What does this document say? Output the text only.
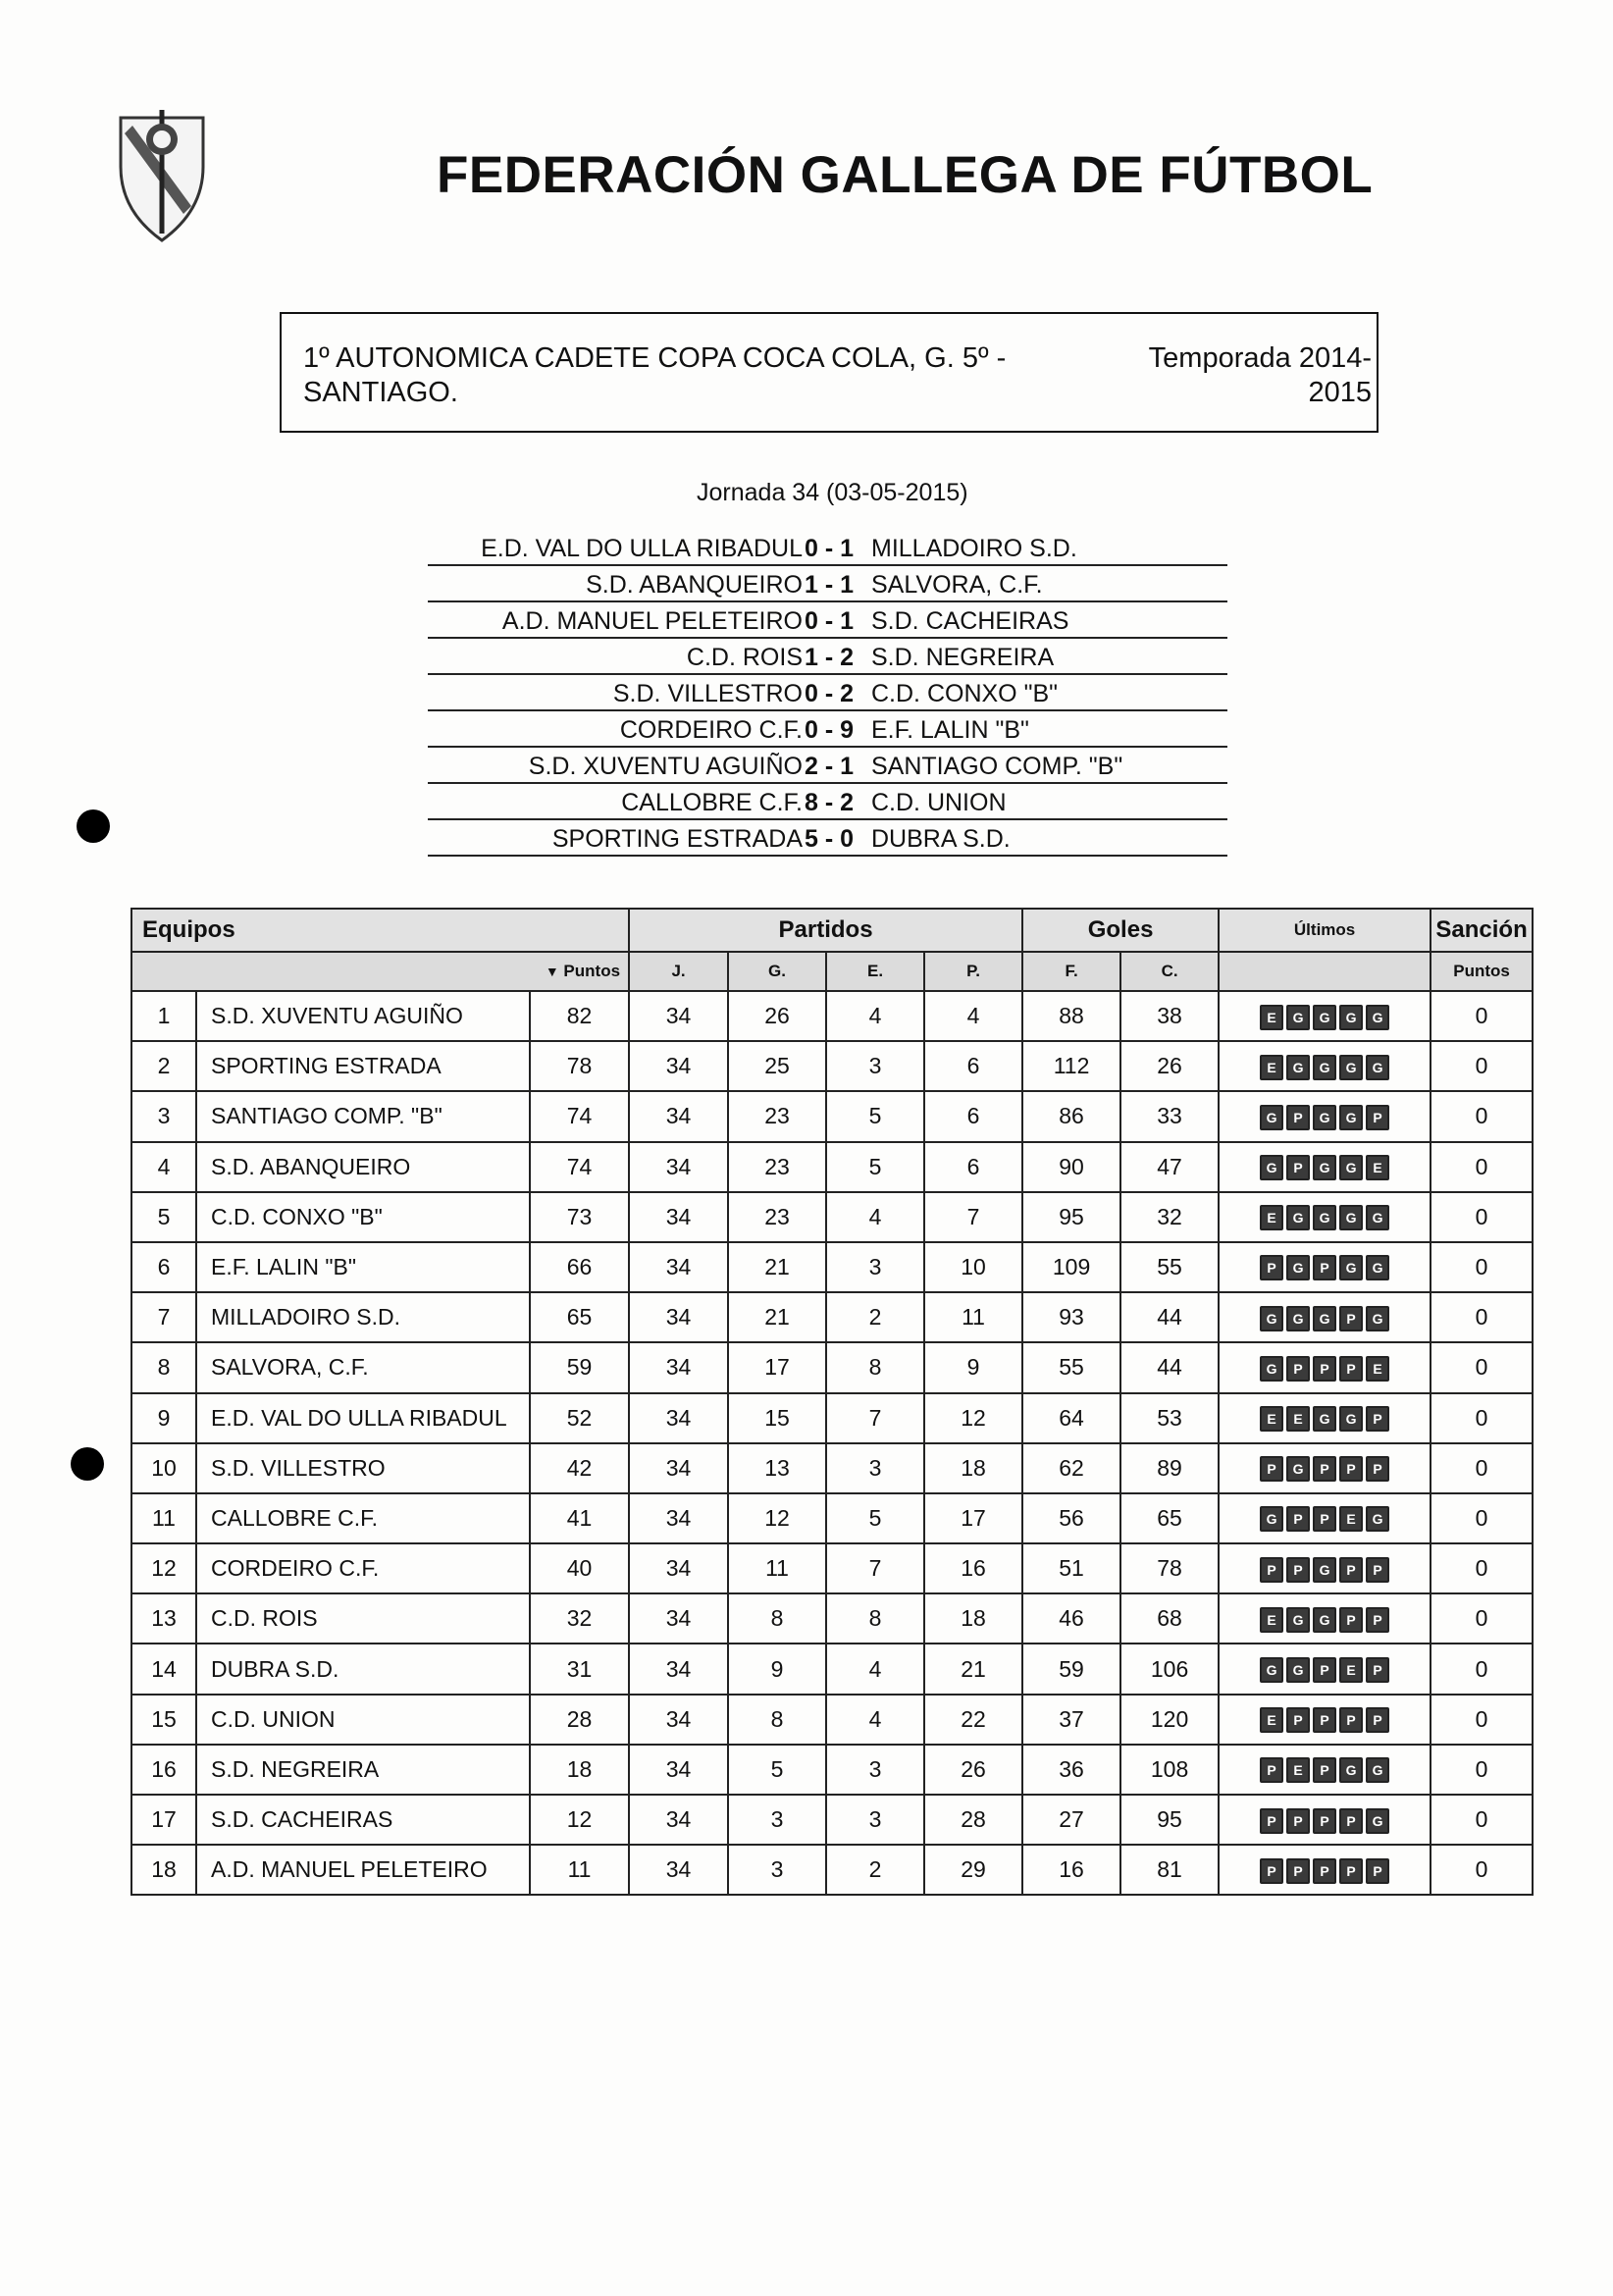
FEDERACIÓN GALLEGA DE FÚTBOL
1º AUTONOMICA CADETE COPA COCA COLA, G. 5º - SANTIAGO.
Temporada 2014-2015
Jornada 34 (03-05-2015)
E.D. VAL DO ULLA RIBADUL 0 - 1 MILLADOIRO S.D.
S.D. ABANQUEIRO 1 - 1 SALVORA, C.F.
A.D. MANUEL PELETEIRO 0 - 1 S.D. CACHEIRAS
C.D. ROIS 1 - 2 S.D. NEGREIRA
S.D. VILLESTRO 0 - 2 C.D. CONXO "B"
CORDEIRO C.F. 0 - 9 E.F. LALIN "B"
S.D. XUVENTU AGUIÑO 2 - 1 SANTIAGO COMP. "B"
CALLOBRE C.F. 8 - 2 C.D. UNION
SPORTING ESTRADA 5 - 0 DUBRA S.D.
Equipos			Partidos				Goles		Últimos	Sanción
▼ Puntos			J.	G.	E.	P.	F.	C.		Puntos
1	S.D. XUVENTU AGUIÑO	82	34	26	4	4	88	38	E G G G G	0
2	SPORTING ESTRADA	78	34	25	3	6	112	26	E G G G G	0
3	SANTIAGO COMP. "B"	74	34	23	5	6	86	33	G P G G P	0
4	S.D. ABANQUEIRO	74	34	23	5	6	90	47	G P G G E	0
5	C.D. CONXO "B"	73	34	23	4	7	95	32	E G G G G	0
6	E.F. LALIN "B"	66	34	21	3	10	109	55	P G P G G	0
7	MILLADOIRO S.D.	65	34	21	2	11	93	44	G G G P G	0
8	SALVORA, C.F.	59	34	17	8	9	55	44	G P P P E	0
9	E.D. VAL DO ULLA RIBADUL	52	34	15	7	12	64	53	E E G G P	0
10	S.D. VILLESTRO	42	34	13	3	18	62	89	P G P P P	0
11	CALLOBRE C.F.	41	34	12	5	17	56	65	G P P E G	0
12	CORDEIRO C.F.	40	34	11	7	16	51	78	P P G P P	0
13	C.D. ROIS	32	34	8	8	18	46	68	E G G P P	0
14	DUBRA S.D.	31	34	9	4	21	59	106	G G P E P	0
15	C.D. UNION	28	34	8	4	22	37	120	E P P P P	0
16	S.D. NEGREIRA	18	34	5	3	26	36	108	P E P G G	0
17	S.D. CACHEIRAS	12	34	3	3	28	27	95	P P P P G	0
18	A.D. MANUEL PELETEIRO	11	34	3	2	29	16	81	P P P P P	0
